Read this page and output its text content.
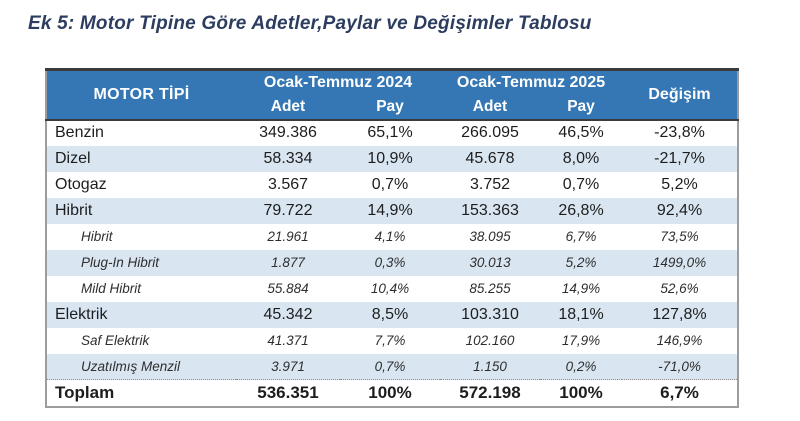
Ek 5: Motor Tipine Göre Adetler,Paylar ve Değişimler Tablosu
MOTOR TİPİ	Ocak-Temmuz 2024		Ocak-Temmuz 2025		Değişim
	Adet	Pay	Adet	Pay	
Benzin	349.386	65,1%	266.095	46,5%	-23,8%
Dizel	58.334	10,9%	45.678	8,0%	-21,7%
Otogaz	3.567	0,7%	3.752	0,7%	5,2%
Hibrit	79.722	14,9%	153.363	26,8%	92,4%
Hibrit	21.961	4,1%	38.095	6,7%	73,5%
Plug-In Hibrit	1.877	0,3%	30.013	5,2%	1499,0%
Mild Hibrit	55.884	10,4%	85.255	14,9%	52,6%
Elektrik	45.342	8,5%	103.310	18,1%	127,8%
Saf Elektrik	41.371	7,7%	102.160	17,9%	146,9%
Uzatılmış Menzil	3.971	0,7%	1.150	0,2%	-71,0%
Toplam	536.351	100%	572.198	100%	6,7%
